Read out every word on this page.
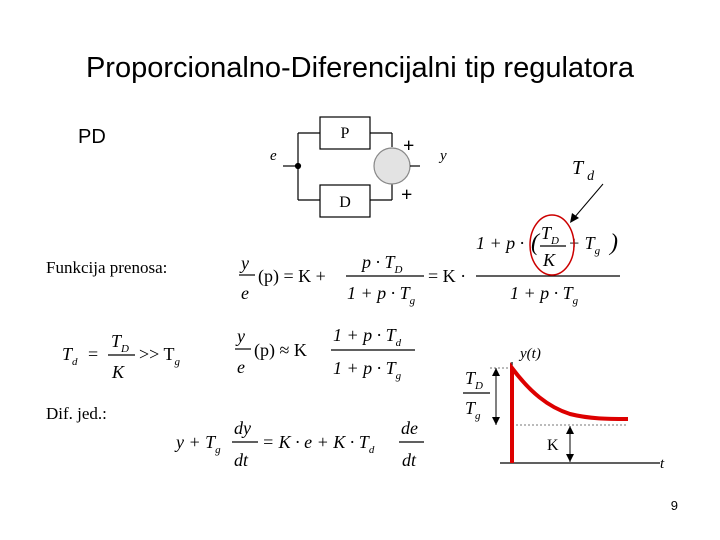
Proporcionalno-Diferencijalni tip regulatora
PD
Funkcija prenosa:
Dif. jed.:
9
e
P
D
+
+
y
T $_d$
y
e
(p) = K +
$p \cdot T_D$
$1 + p \cdot T_g$
= K ·
1 + p · ( $T_D$
K
+ $T_g$ )
$1 + p \cdot T_g$
$T_d$ =
$T_D$
K
>> $T_g$
y
e
(p) ≈ K
$1 + p \cdot T_d$
$1 + p \cdot T_g$
$y + T_g$
dy
dt
= $K \cdot e + K \cdot T_d$
de
dt
y(t)
t
K
$T_D$
$T_g$
